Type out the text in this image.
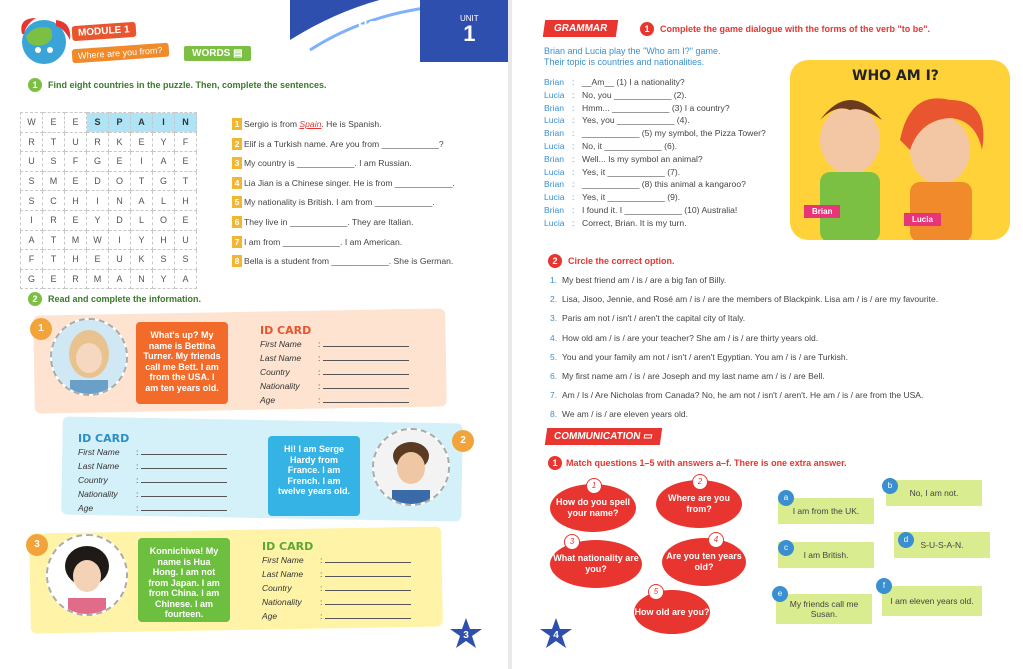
MODULE 1
Where are you from?	WORDS ▤
HOWDY!	UNIT
1
1	Find eight countries in the puzzle. Then, complete the sentences.
W	E	E	S	P	A	I	N
R	T	U	R	K	E	Y	F
U	S	F	G	E	I	A	E
S	M	E	D	O	T	G	T
S	C	H	I	N	A	L	H
I	R	E	Y	D	L	O	E
A	T	M	W	I	Y	H	U
F	T	H	E	U	K	S	S
G	E	R	M	A	N	Y	A
1 Sergio is from Spain. He is Spanish.
2 Elif is a Turkish name. Are you from ____________?
3 My country is ____________. I am Russian.
4 Lia Jian is a Chinese singer. He is from ____________.
5 My nationality is British. I am from ____________.
6 They live in ____________. They are Italian.
7 I am from ____________. I am American.
8 Bella is a student from ____________. She is German.
2	Read and complete the information.
1
What's up? My name is Bettina Turner. My friends call me Bett. I am from the USA. I am ten years old.
ID CARD
First Name :
Last Name :
Country	:
Nationality :
Age	:
ID CARD
First Name :
Last Name :
Country	:
Nationality :
Age	:
Hi! I am Serge Hardy from France. I am French. I am twelve years old.
2
3
Konnichiwa! My name is Hua Hong. I am not from Japan. I am from China. I am Chinese. I am fourteen.
ID CARD
First Name :
Last Name :
Country	:
Nationality :
Age	:
3
GRAMMAR	1	Complete the game dialogue with the forms of the verb "to be".
Brian and Lucia play the "Who am I?" game.
Their topic is countries and nationalities.
Brian : __Am__ (1) I a nationality?
Lucia : No, you ____________ (2).
Brian : Hmm... ____________ (3) I a country?
Lucia : Yes, you ____________ (4).
Brian : ____________ (5) my symbol, the Pizza Tower?
Lucia : No, it ____________ (6).
Brian : Well... Is my symbol an animal?
Lucia : Yes, it ____________ (7).
Brian : ____________ (8) this animal a kangaroo?
Lucia : Yes, it ____________ (9).
Brian : I found it. I ____________ (10) Australia!
Lucia : Correct, Brian. It is my turn.
WHO AM I?
Brian
Lucia
2	Circle the correct option.
1. My best friend am / is / are a big fan of Billy.
2. Lisa, Jisoo, Jennie, and Rosé am / is / are the members of Blackpink. Lisa am / is / are my favourite.
3. Paris am not / isn't / aren't the capital city of Italy.
4. How old am / is / are your teacher? She am / is / are thirty years old.
5. You and your family am not / isn't / aren't Egyptian. You am / is / are Turkish.
6. My first name am / is / are Joseph and my last name am / is / are Bell.
7. Am / Is / Are Nicholas from Canada? No, he am not / isn't / aren't. He am / is / are from the USA.
8. We am / is / are eleven years old.
COMMUNICATION ▭
1 Match questions 1–5 with answers a–f. There is one extra answer.
How do you spell your name?
1
Where are you from?
2
What nationality are you?
3
Are you ten years old?
4
How old are you?
5
I am from the UK.
a	No, I am not.
b
I am British.
c	S-U-S-A-N.
d
My friends call me Susan.
e
I am eleven years old.
f
4
